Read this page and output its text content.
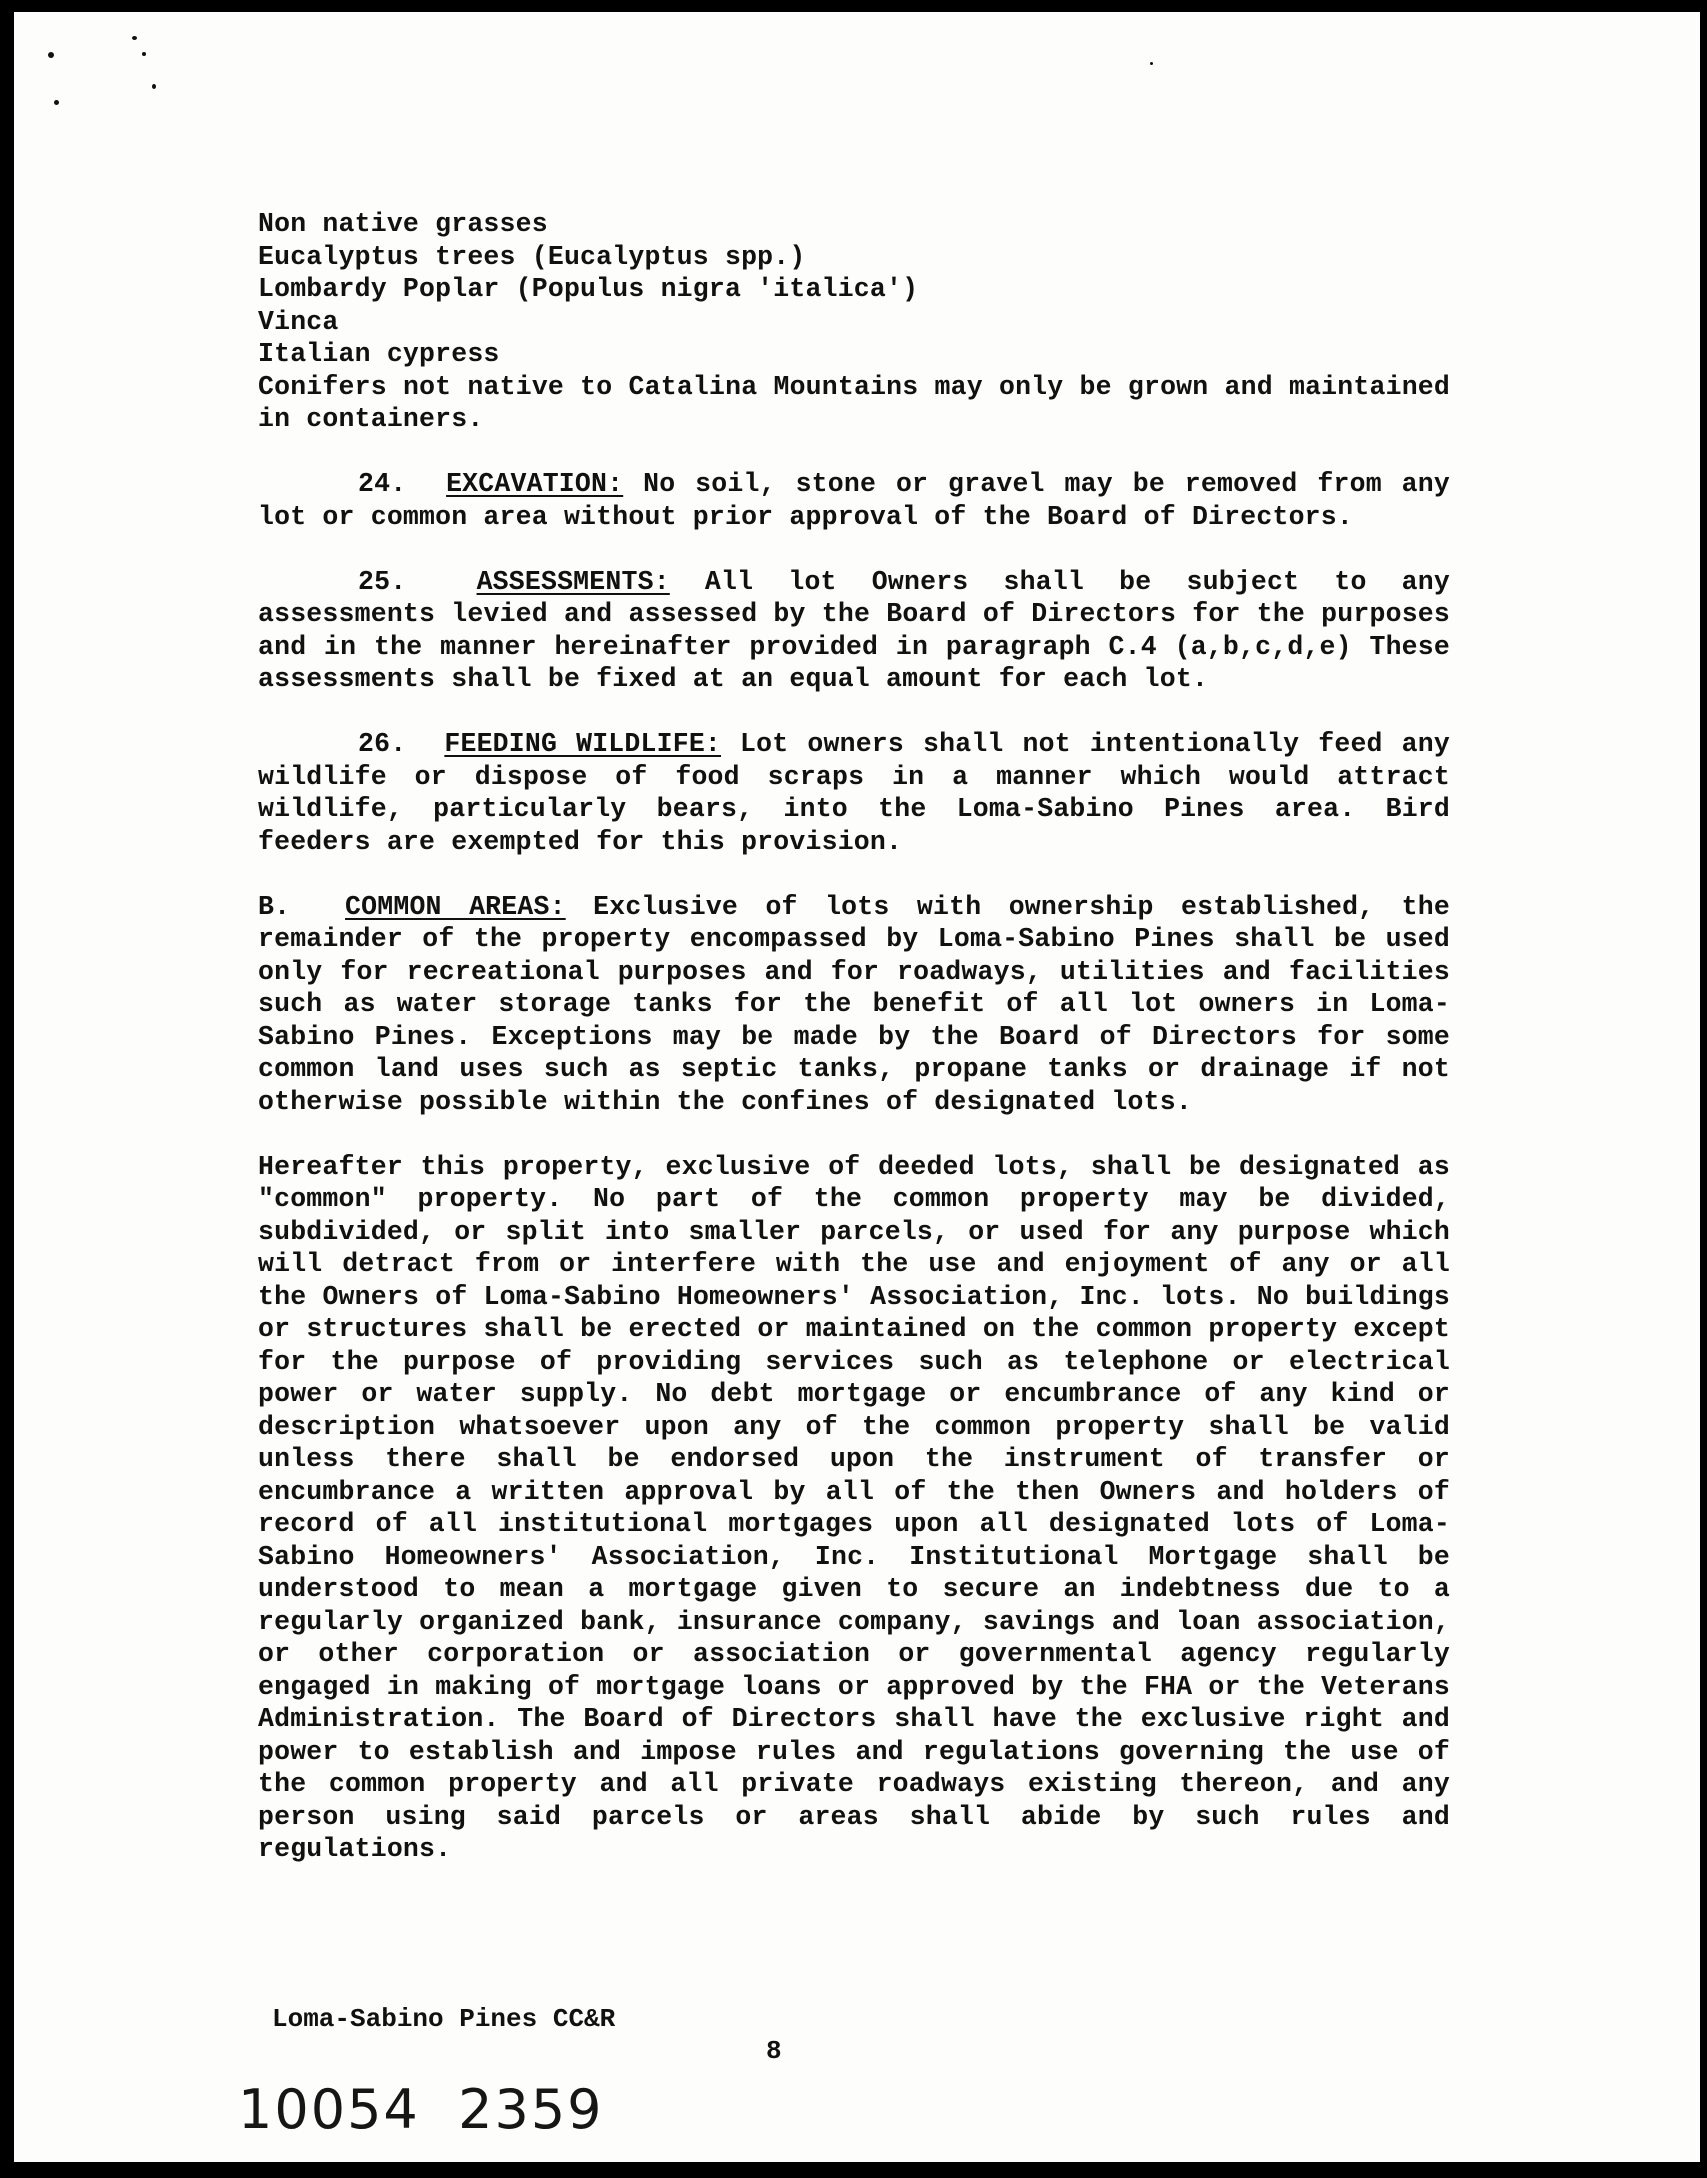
Non native grasses
Eucalyptus trees (Eucalyptus spp.)
Lombardy Poplar (Populus nigra 'italica')
Vinca
Italian cypress

Conifers not native to Catalina Mountains may only be grown and maintained in containers.

24. EXCAVATION: No soil, stone or gravel may be removed from any lot or common area without prior approval of the Board of Directors.

25.	ASSESSMENTS: All lot Owners shall be subject to any assessments levied and assessed by the Board of Directors for the purposes and in the manner hereinafter provided in paragraph C.4 (a,b,c,d,e) These assessments shall be fixed at an equal amount for each lot.

26. FEEDING WILDLIFE: Lot owners shall not intentionally feed any wildlife or dispose of food scraps in a manner which would attract wildlife, particularly bears, into the Loma-Sabino Pines area. Bird feeders are exempted for this provision.

B. COMMON AREAS: Exclusive of lots with ownership established, the remainder of the property encompassed by Loma-Sabino Pines shall be used only for recreational purposes and for roadways, utilities and facilities such as water storage tanks for the benefit of all lot owners in Loma-Sabino Pines. Exceptions may be made by the Board of Directors for some common land uses such as septic tanks, propane tanks or drainage if not otherwise possible within the confines of designated lots.

Hereafter this property, exclusive of deeded lots, shall be designated as "common" property. No part of the common property may be divided, subdivided, or split into smaller parcels, or used for any purpose which will detract from or interfere with the use and enjoyment of any or all the Owners of Loma-Sabino Homeowners' Association, Inc. lots. No buildings or structures shall be erected or maintained on the common property except for the purpose of providing services such as telephone or electrical power or water supply. No debt mortgage or encumbrance of any kind or description whatsoever upon any of the common property shall be valid unless there shall be endorsed upon the instrument of transfer or encumbrance a written approval by all of the then Owners and holders of record of all institutional mortgages upon all designated lots of Loma-Sabino Homeowners' Association, Inc. Institutional Mortgage shall be understood to mean a mortgage given to secure an indebtness due to a regularly organized bank, insurance company, savings and loan association, or other corporation or association or governmental agency regularly engaged in making of mortgage loans or approved by the FHA or the Veterans Administration. The Board of Directors shall have the exclusive right and power to establish and impose rules and regulations governing the use of the common property and all private roadways existing thereon, and any person using said parcels or areas shall abide by such rules and regulations.

Loma-Sabino Pines CC&R
8
10054  2359
